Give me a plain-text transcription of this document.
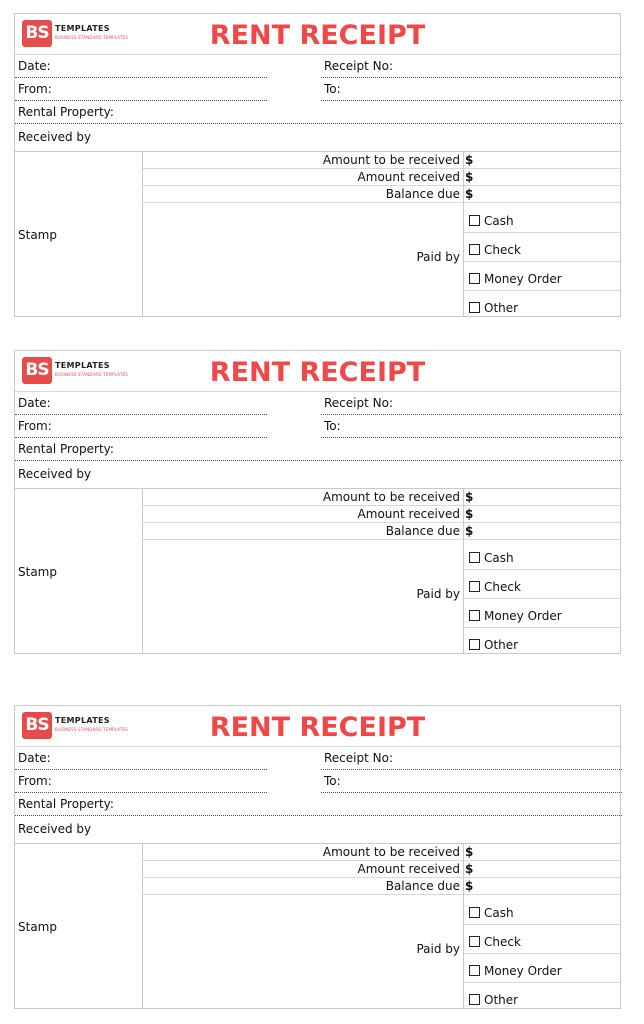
BS TEMPLATES
BUSINESS STANDARD TEMPLATES	RENT RECEIPT
Date:	Receipt No:
From:	To:
Rental Property:
Received by
Stamp
Amount to be received $
Amount received $
Balance due $
Paid by
Cash
Check
Money Order
Other
BS TEMPLATES
BUSINESS STANDARD TEMPLATES	RENT RECEIPT
Date:	Receipt No:
From:	To:
Rental Property:
Received by
Stamp
Amount to be received $
Amount received $
Balance due $
Paid by
Cash
Check
Money Order
Other
BS TEMPLATES
BUSINESS STANDARD TEMPLATES	RENT RECEIPT
Date:	Receipt No:
From:	To:
Rental Property:
Received by
Stamp
Amount to be received $
Amount received $
Balance due $
Paid by
Cash
Check
Money Order
Other
